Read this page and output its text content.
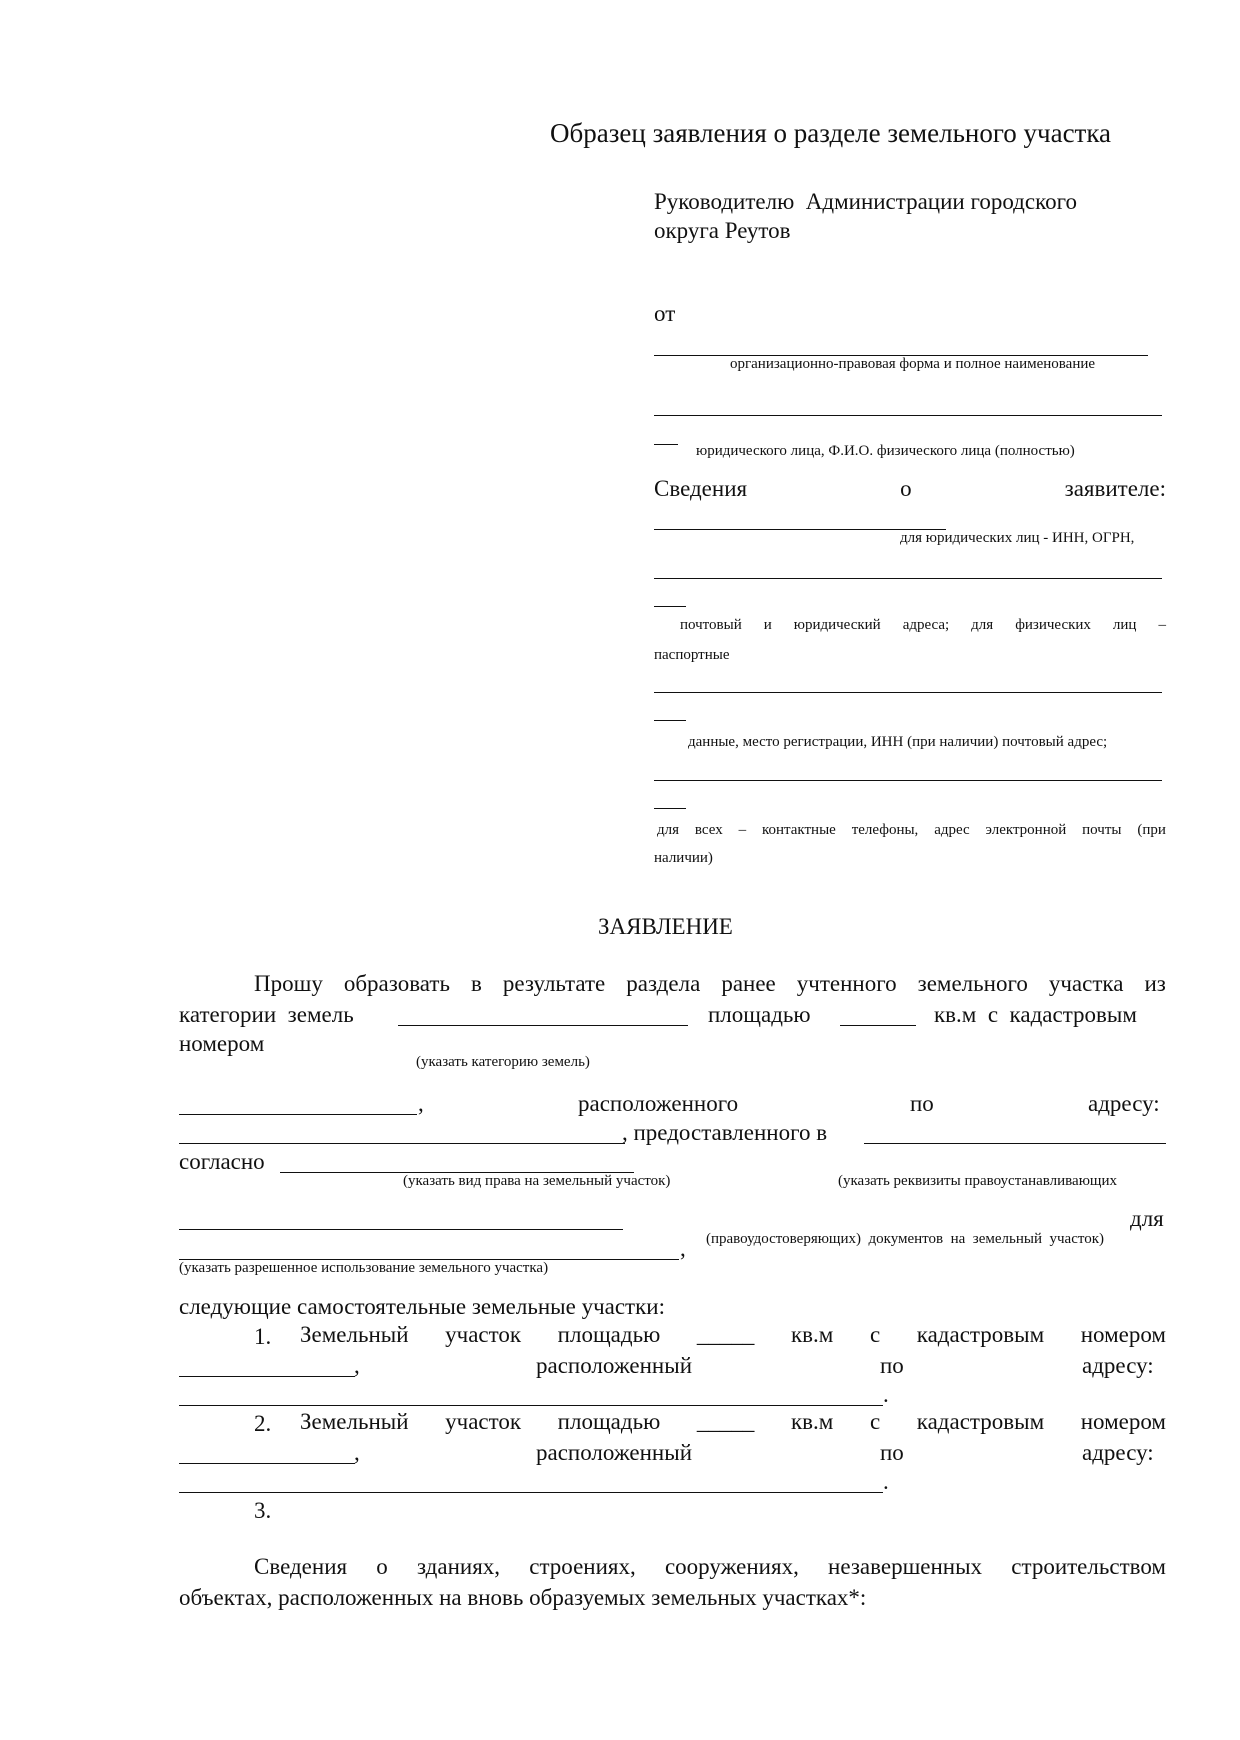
Образец заявления о разделе земельного участка
Руководителю  Администрации городского
округа Реутов
от
организационно-правовая форма и полное наименование
юридического лица, Ф.И.О. физического лица (полностью)
Сведения	о	заявителе:
для юридических лиц - ИНН, ОГРН,
почтовый и юридический адреса; для физических лиц –
паспортные
данные, место регистрации, ИНН (при наличии) почтовый адрес;
для всех – контактные телефоны, адрес электронной почты (при
наличии)
ЗАЯВЛЕНИЕ
Прошу образовать в результате раздела ранее учтенного земельного участка из
категории  земель	площадью	кв.м  с  кадастровым
номером
(указать категорию земель)
,	расположенного	по	адресу:
, предоставленного в
согласно
(указать вид права на земельный участок)	(указать реквизиты правоустанавливающих
для
, (правоудостоверяющих)  документов  на  земельный  участок)
(указать разрешенное использование земельного участка)
следующие самостоятельные земельные участки:
1. Земельный участок площадью _____ кв.м с кадастровым номером
,	расположенный	по	адресу:
.
2. Земельный участок площадью _____ кв.м с кадастровым номером
,	расположенный	по	адресу:
.
3.
Сведения о зданиях, строениях, сооружениях, незавершенных строительством
объектах, расположенных на вновь образуемых земельных участках*:
